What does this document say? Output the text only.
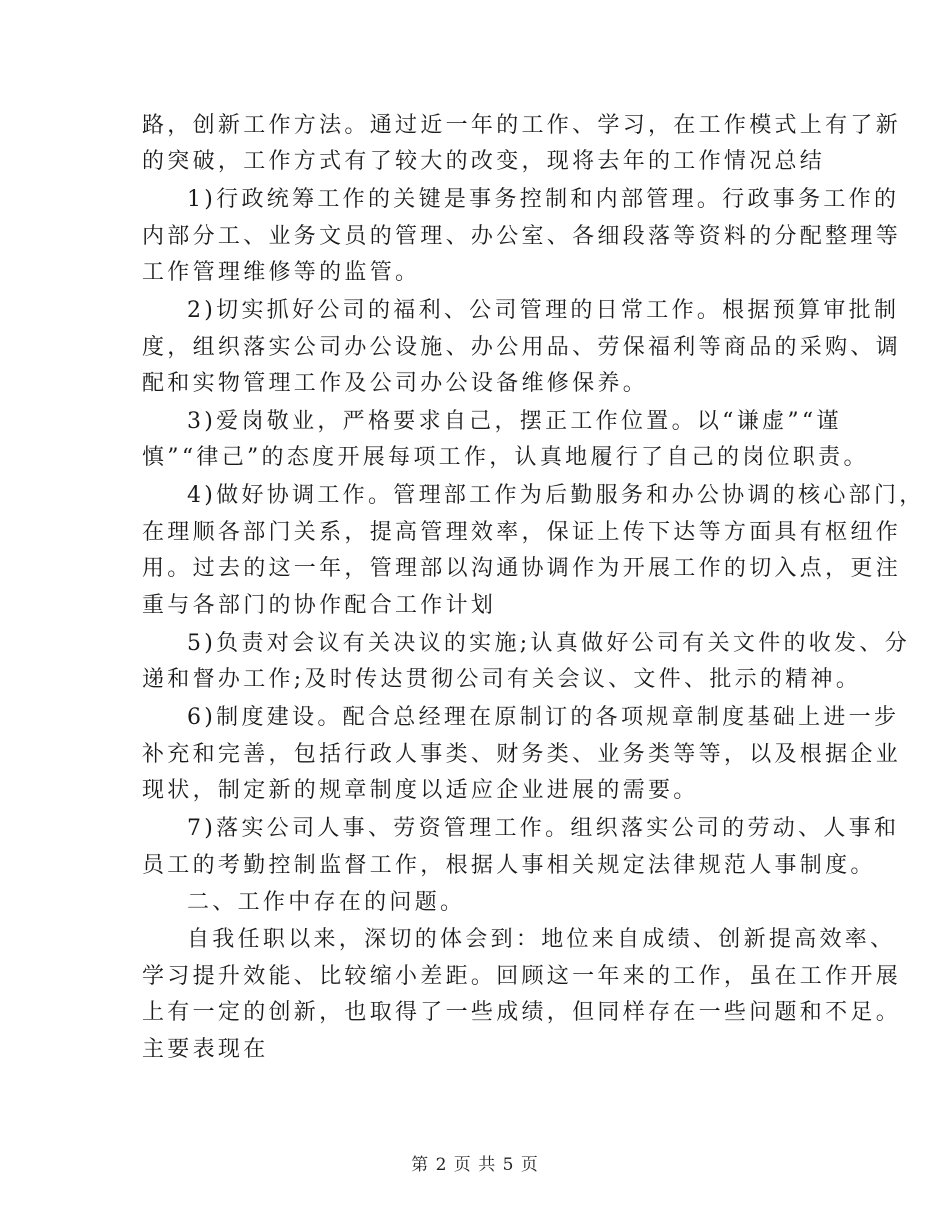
路，创新工作方法。通过近一年的工作、学习，在工作模式上有了新
的突破，工作方式有了较大的改变，现将去年的工作情况总结
1)行政统筹工作的关键是事务控制和内部管理。行政事务工作的
内部分工、业务文员的管理、办公室、各细段落等资料的分配整理等
工作管理维修等的监管。
2)切实抓好公司的福利、公司管理的日常工作。根据预算审批制
度，组织落实公司办公设施、办公用品、劳保福利等商品的采购、调
配和实物管理工作及公司办公设备维修保养。
3)爱岗敬业，严格要求自己，摆正工作位置。以“谦虚”“谨
慎”“律己”的态度开展每项工作，认真地履行了自己的岗位职责。
4)做好协调工作。管理部工作为后勤服务和办公协调的核心部门，
在理顺各部门关系，提高管理效率，保证上传下达等方面具有枢纽作
用。过去的这一年，管理部以沟通协调作为开展工作的切入点，更注
重与各部门的协作配合工作计划
5)负责对会议有关决议的实施;认真做好公司有关文件的收发、分
递和督办工作;及时传达贯彻公司有关会议、文件、批示的精神。
6)制度建设。配合总经理在原制订的各项规章制度基础上进一步
补充和完善，包括行政人事类、财务类、业务类等等，以及根据企业
现状，制定新的规章制度以适应企业进展的需要。
7)落实公司人事、劳资管理工作。组织落实公司的劳动、人事和
员工的考勤控制监督工作，根据人事相关规定法律规范人事制度。
二、工作中存在的问题。
自我任职以来，深切的体会到：地位来自成绩、创新提高效率、
学习提升效能、比较缩小差距。回顾这一年来的工作，虽在工作开展
上有一定的创新，也取得了一些成绩，但同样存在一些问题和不足。
主要表现在
第 2 页 共 5 页
